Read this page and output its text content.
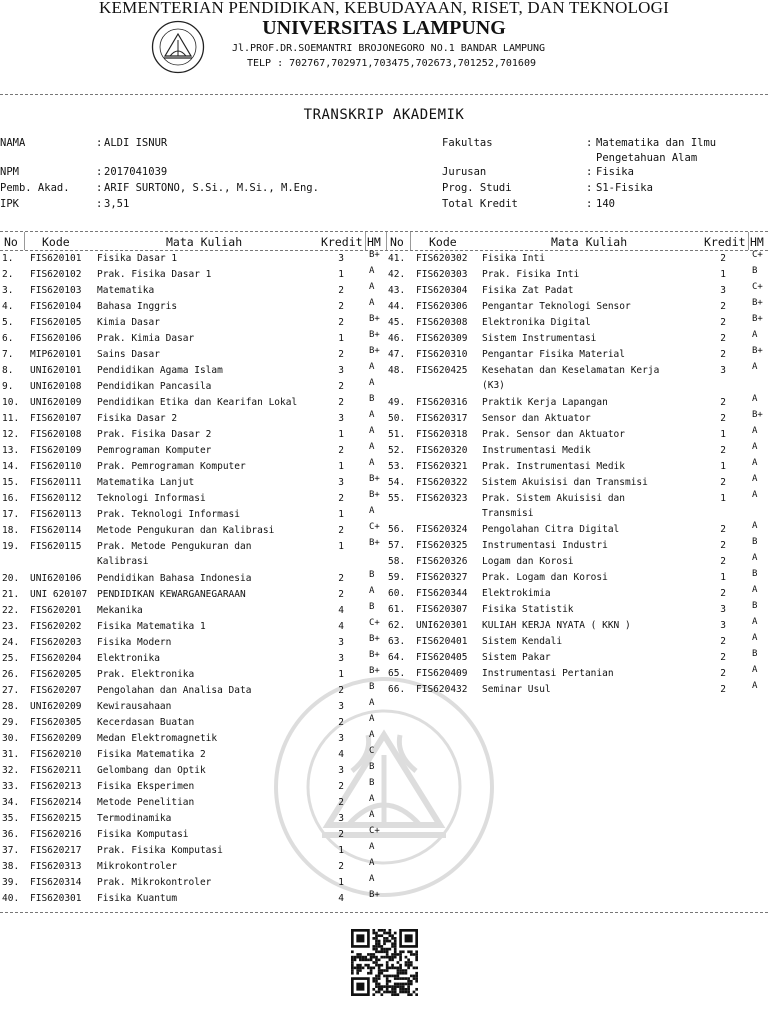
KEMENTERIAN PENDIDIKAN, KEBUDAYAAN, RISET, DAN TEKNOLOGI
UNIVERSITAS LAMPUNG
Jl.PROF.DR.SOEMANTRI BROJONEGORO NO.1 BANDAR LAMPUNG
TELP : 702767,702971,703475,702673,701252,701609
TRANSKRIP AKADEMIK
NAMA	: ALDI ISNUR
NPM	: 2017041039
Pemb. Akad.	: ARIF SURTONO, S.Si., M.Si., M.Eng.
IPK	: 3,51
Fakultas	: Matematika dan Ilmu
Pengetahuan Alam
Jurusan	: Fisika
Prog. Studi	: S1-Fisika
Total Kredit	: 140
No Kode	Mata Kuliah	Kredit HM No Kode	Mata Kuliah	Kredit HM
1. FIS620101 Fisika Dasar 1	3	B+
2. FIS620102 Prak. Fisika Dasar 1	1	A
3. FIS620103 Matematika	2	A
4. FIS620104 Bahasa Inggris	2	A
5. FIS620105 Kimia Dasar	2	B+
6. FIS620106 Prak. Kimia Dasar	1	B+
7. MIP620101 Sains Dasar	2	B+
8. UNI620101 Pendidikan Agama Islam	3	A
9. UNI620108 Pendidikan Pancasila	2	A
10. UNI620109 Pendidikan Etika dan Kearifan Lokal	2	B
11. FIS620107 Fisika Dasar 2	3	A
12. FIS620108 Prak. Fisika Dasar 2	1	A
13. FIS620109 Pemrograman Komputer	2	A
14. FIS620110 Prak. Pemrograman Komputer	1	A
15. FIS620111 Matematika Lanjut	3	B+
16. FIS620112 Teknologi Informasi	2	B+
17. FIS620113 Prak. Teknologi Informasi	1	A
18. FIS620114 Metode Pengukuran dan Kalibrasi	2	C+
19. FIS620115 Prak. Metode Pengukuran dan	1	B+
Kalibrasi
20. UNI620106 Pendidikan Bahasa Indonesia	2	B
21. UNI 620107 PENDIDIKAN KEWARGANEGARAAN	2	A
22. FIS620201 Mekanika	4	B
23. FIS620202 Fisika Matematika 1	4	C+
24. FIS620203 Fisika Modern	3	B+
25. FIS620204 Elektronika	3	B+
26. FIS620205 Prak. Elektronika	1	B+
27. FIS620207 Pengolahan dan Analisa Data	2	B
28. UNI620209 Kewirausahaan	3	A
29. FIS620305 Kecerdasan Buatan	2	A
30. FIS620209 Medan Elektromagnetik	3	A
31. FIS620210 Fisika Matematika 2	4	C
32. FIS620211 Gelombang dan Optik	3	B
33. FIS620213 Fisika Eksperimen	2	B
34. FIS620214 Metode Penelitian	2	A
35. FIS620215 Termodinamika	3	A
36. FIS620216 Fisika Komputasi	2	C+
37. FIS620217 Prak. Fisika Komputasi	1	A
38. FIS620313 Mikrokontroler	2	A
39. FIS620314 Prak. Mikrokontroler	1	A
40. FIS620301 Fisika Kuantum	4	B+
41. FIS620302 Fisika Inti	2	C+
42. FIS620303 Prak. Fisika Inti	1	B
43. FIS620304 Fisika Zat Padat	3	C+
44. FIS620306 Pengantar Teknologi Sensor	2	B+
45. FIS620308 Elektronika Digital	2	B+
46. FIS620309 Sistem Instrumentasi	2	A
47. FIS620310 Pengantar Fisika Material	2	B+
48. FIS620425 Kesehatan dan Keselamatan Kerja	3	A
(K3)
49. FIS620316 Praktik Kerja Lapangan	2	A
50. FIS620317 Sensor dan Aktuator	2	B+
51. FIS620318 Prak. Sensor dan Aktuator	1	A
52. FIS620320 Instrumentasi Medik	2	A
53. FIS620321 Prak. Instrumentasi Medik	1	A
54. FIS620322 Sistem Akuisisi dan Transmisi	2	A
55. FIS620323 Prak. Sistem Akuisisi dan	1	A
Transmisi
56. FIS620324 Pengolahan Citra Digital	2	A
57. FIS620325 Instrumentasi Industri	2	B
58. FIS620326 Logam dan Korosi	2	A
59. FIS620327 Prak. Logam dan Korosi	1	B
60. FIS620344 Elektrokimia	2	A
61. FIS620307 Fisika Statistik	3	B
62. UNI620301 KULIAH KERJA NYATA ( KKN )	3	A
63. FIS620401 Sistem Kendali	2	A
64. FIS620405 Sistem Pakar	2	B
65. FIS620409 Instrumentasi Pertanian	2	A
66. FIS620432 Seminar Usul	2	A
